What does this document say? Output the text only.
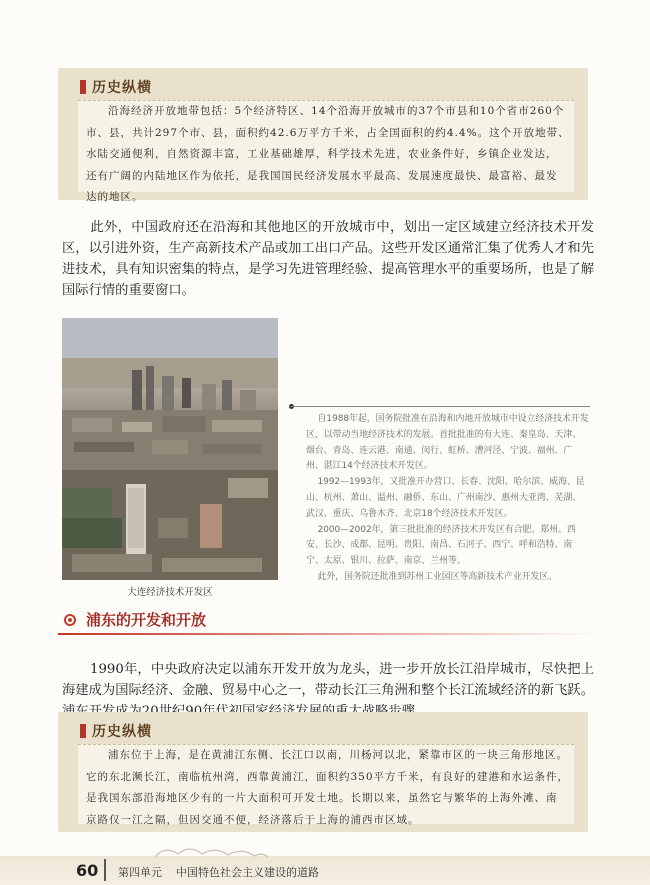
历史纵横
沿海经济开放地带包括：5个经济特区、14个沿海开放城市的37个市县和10个省市260个
市、县，共计297个市、县，面积约42.6万平方千米，占全国面积的约4.4%。这个开放地带、
水陆交通便利，自然资源丰富，工业基础雄厚，科学技术先进，农业条件好，乡镇企业发达，
还有广阔的内陆地区作为依托，是我国国民经济发展水平最高、发展速度最快、最富裕、最发
达的地区。
此外，中国政府还在沿海和其他地区的开放城市中，划出一定区域建立经济技术开发区，以引进外资，生产高新技术产品或加工出口产品。这些开发区通常汇集了优秀人才和先进技术，具有知识密集的特点，是学习先进管理经验、提高管理水平的重要场所，也是了解国际行情的重要窗口。
大连经济技术开发区

自1988年起，国务院批准在沿海和内地开放城市中设立经济技术开发区，以带动当地经济技术的发展。首批批准的有大连、秦皇岛、天津、烟台、青岛、连云港、南通、闵行、虹桥、漕河泾、宁波、福州、广州、湛江14个经济技术开发区。

1992—1993年，又批准开办营口、长春、沈阳、哈尔滨、威海、昆山、杭州、萧山、温州、融侨、东山、广州南沙、惠州大亚湾、芜湖、武汉、重庆、乌鲁木齐、北京18个经济技术开发区。

2000—2002年，第三批批准的经济技术开发区有合肥、郑州、西安、长沙、成都、昆明、贵阳、南昌、石河子、西宁、呼和浩特、南宁、太原、银川、拉萨、南京、兰州等。

此外，国务院还批准到苏州工业园区等高新技术产业开发区。

浦东的开发和开放
1990年，中央政府决定以浦东开发开放为龙头，进一步开放长江沿岸城市，尽快把上海建成为国际经济、金融、贸易中心之一，带动长江三角洲和整个长江流域经济的新飞跃。
历史纵横
浦东位于上海，是在黄浦江东侧、长江口以南，川杨河以北，紧靠市区的一块三角形地区。
它的东北濒长江，南临杭州湾，西靠黄浦江，面积约350平方千米，有良好的建港和水运条件，
是我国东部沿海地区少有的一片大面积可开发土地。长期以来，虽然它与繁华的上海外滩、南
京路仅一江之隔，但因交通不便，经济落后于上海的浦西市区域。
60 第四单元 中国特色社会主义建设的道路
